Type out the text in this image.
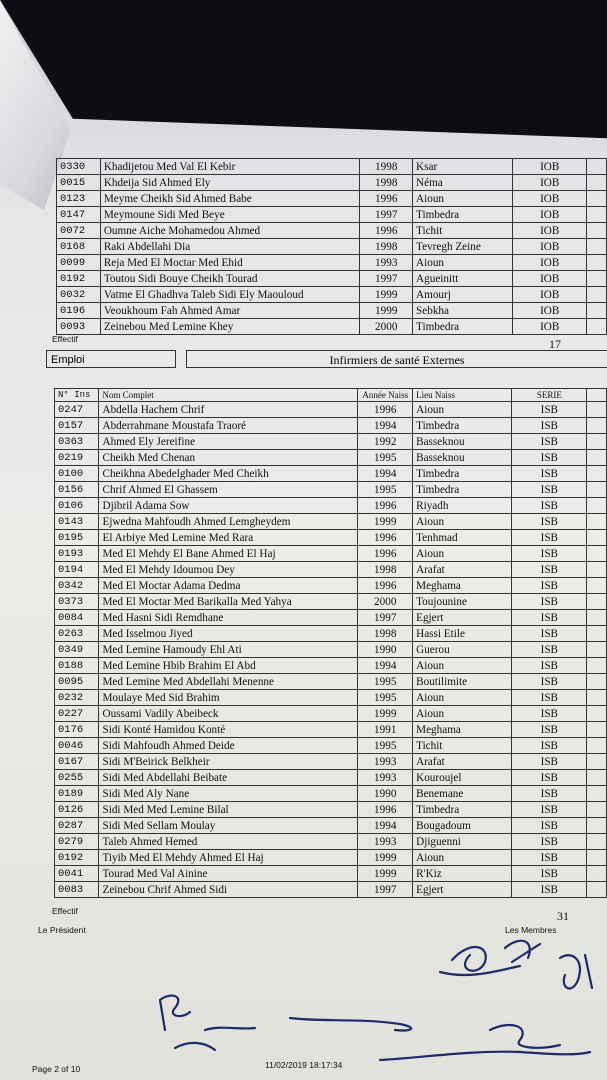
0330	Khadijetou Med Val El Kebir	1998	Ksar	IOB	
0015	Khdeija Sid Ahmed Ely	1998	Néma	IOB	
0123	Meyme Cheikh Sid Ahmed Babe	1996	Aioun	IOB	
0147	Meymoune Sidi Med Beye	1997	Timbedra	IOB	
0072	Oumne Aiche Mohamedou Ahmed	1996	Tichit	IOB	
0168	Raki Abdellahi Dia	1998	Tevregh Zeine	IOB	
0099	Reja Med El Moctar Med Ehid	1993	Aioun	IOB	
0192	Toutou Sidi Bouye Cheikh Tourad	1997	Agueinitt	IOB	
0032	Vatme El Ghadhva Taleb Sidi Ely Maouloud	1999	Amourj	IOB	
0196	Veoukhoum Fah Ahmed Amar	1999	Sebkha	IOB	
0093	Zeinebou Med Lemine Khey	2000	Timbedra	IOB	
Effectif	17
Emploi	Infirmiers de santé Externes
N° Ins	Nom Complet	Année Naiss	Lieu Naiss	SERIE	
0247	Abdella Hachem Chrif	1996	Aioun	ISB	
0157	Abderrahmane Moustafa Traoré	1994	Timbedra	ISB	
0363	Ahmed Ely Jereifine	1992	Basseknou	ISB	
0219	Cheikh Med Chenan	1995	Basseknou	ISB	
0100	Cheikhna Abedelghader Med Cheikh	1994	Timbedra	ISB	
0156	Chrif Ahmed El Ghassem	1995	Timbedra	ISB	
0106	Djibril Adama Sow	1996	Riyadh	ISB	
0143	Ejwedna Mahfoudh Ahmed Lemgheydem	1999	Aioun	ISB	
0195	El Arbiye Med Lemine Med Rara	1996	Tenhmad	ISB	
0193	Med El Mehdy El Bane Ahmed El Haj	1996	Aioun	ISB	
0194	Med El Mehdy Idoumou Dey	1998	Arafat	ISB	
0342	Med El Moctar Adama Dedma	1996	Meghama	ISB	
0373	Med El Moctar Med Barikalla Med Yahya	2000	Toujounine	ISB	
0084	Med Hasni Sidi Remdhane	1997	Egjert	ISB	
0263	Med Isselmou Jiyed	1998	Hassi Etile	ISB	
0349	Med Lemine Hamoudy Ehl Ati	1990	Guerou	ISB	
0188	Med Lemine Hbib Brahim El Abd	1994	Aioun	ISB	
0095	Med Lemine Med Abdellahi Menenne	1995	Boutilimite	ISB	
0232	Moulaye Med Sid Brahim	1995	Aioun	ISB	
0227	Oussami Vadily Abeibeck	1999	Aioun	ISB	
0176	Sidi Konté Hamidou Konté	1991	Meghama	ISB	
0046	Sidi Mahfoudh Ahmed Deide	1995	Tichit	ISB	
0167	Sidi M'Beirick Belkheir	1993	Arafat	ISB	
0255	Sidi Med Abdellahi Beibate	1993	Kouroujel	ISB	
0189	Sidi Med Aly Nane	1990	Benemane	ISB	
0126	Sidi Med Med Lemine Bilal	1996	Timbedra	ISB	
0287	Sidi Med Sellam Moulay	1994	Bougadoum	ISB	
0279	Taleb Ahmed Hemed	1993	Djiguenni	ISB	
0192	Tiyib Med El Mehdy Ahmed El Haj	1999	Aioun	ISB	
0041	Tourad Med Val Ainine	1999	R'Kiz	ISB	
0083	Zeinebou Chrif Ahmed Sidi	1997	Egjert	ISB	
Effectif	31
Le Président	Les Membres
Page 2 of 10	11/02/2019 18:17:34
